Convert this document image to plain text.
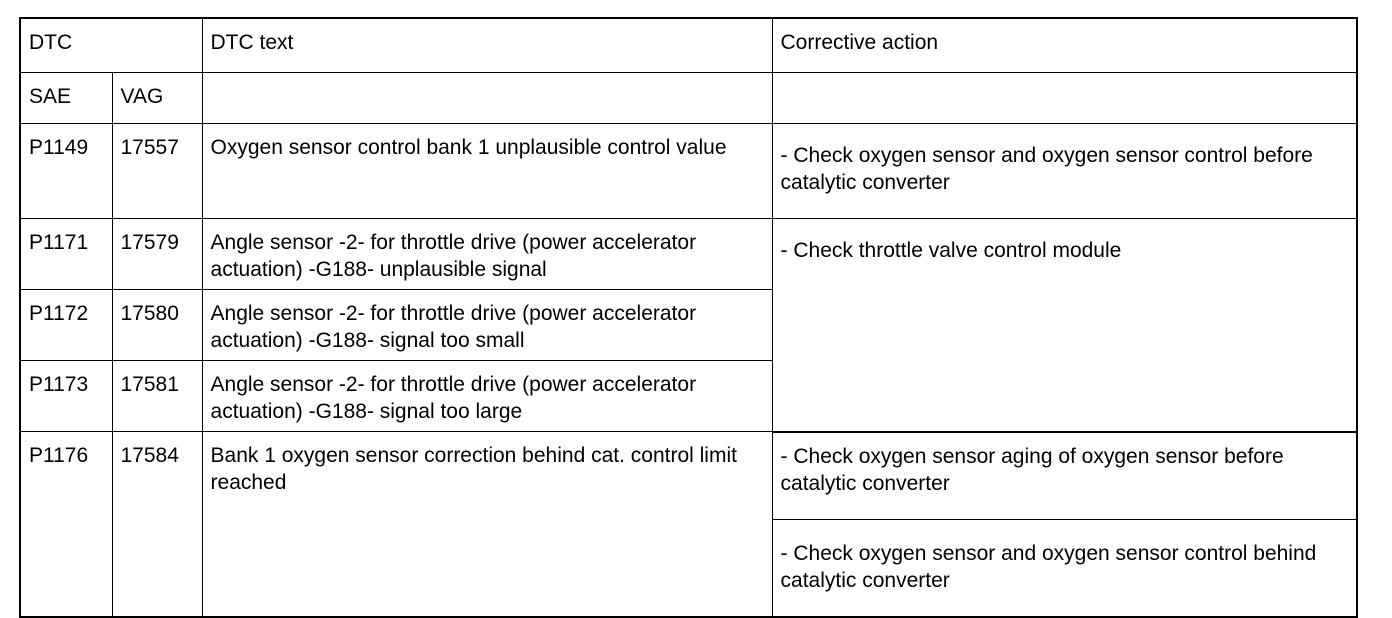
DTC		DTC text	Corrective action
SAE	VAG		
P1149	17557	Oxygen sensor control bank 1 unplausible control value	- Check oxygen sensor and oxygen sensor control before catalytic converter
P1171	17579	Angle sensor -2- for throttle drive (power accelerator actuation) -G188- unplausible signal	- Check throttle valve control module
P1172	17580	Angle sensor -2- for throttle drive (power accelerator actuation) -G188- signal too small	
P1173	17581	Angle sensor -2- for throttle drive (power accelerator actuation) -G188- signal too large	
P1176	17584	Bank 1 oxygen sensor correction behind cat. control limit reached	- Check oxygen sensor aging of oxygen sensor before catalytic converter
			- Check oxygen sensor and oxygen sensor control behind catalytic converter
